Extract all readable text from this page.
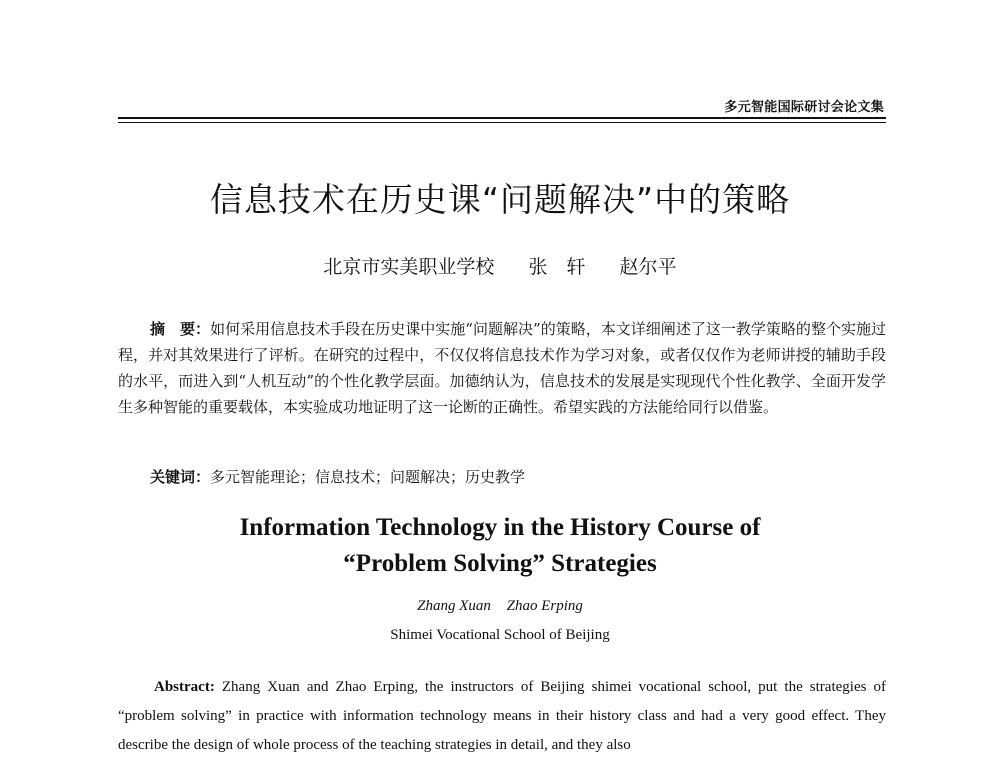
多元智能国际研讨会论文集
信息技术在历史课“问题解决”中的策略
北京市实美职业学校 张　轩 赵尔平
摘　要：如何采用信息技术手段在历史课中实施“问题解决”的策略，本文详细阐述了这一教学策略的整个实施过程，并对其效果进行了评析。在研究的过程中，不仅仅将信息技术作为学习对象，或者仅仅作为老师讲授的辅助手段的水平，而进入到“人机互动”的个性化教学层面。加德纳认为，信息技术的发展是实现现代个性化教学、全面开发学生多种智能的重要载体，本实验成功地证明了这一论断的正确性。希望实践的方法能给同行以借鉴。
关键词：多元智能理论；信息技术；问题解决；历史教学
Information Technology in the History Course of
“Problem Solving” Strategies
Zhang Xuan Zhao Erping
Shimei Vocational School of Beijing
Abstract: Zhang Xuan and Zhao Erping, the instructors of Beijing shimei vocational school, put the strategies of “problem solving” in practice with information technology means in their history class and had a very good effect. They describe the design of whole process of the teaching strategies in detail, and they also
